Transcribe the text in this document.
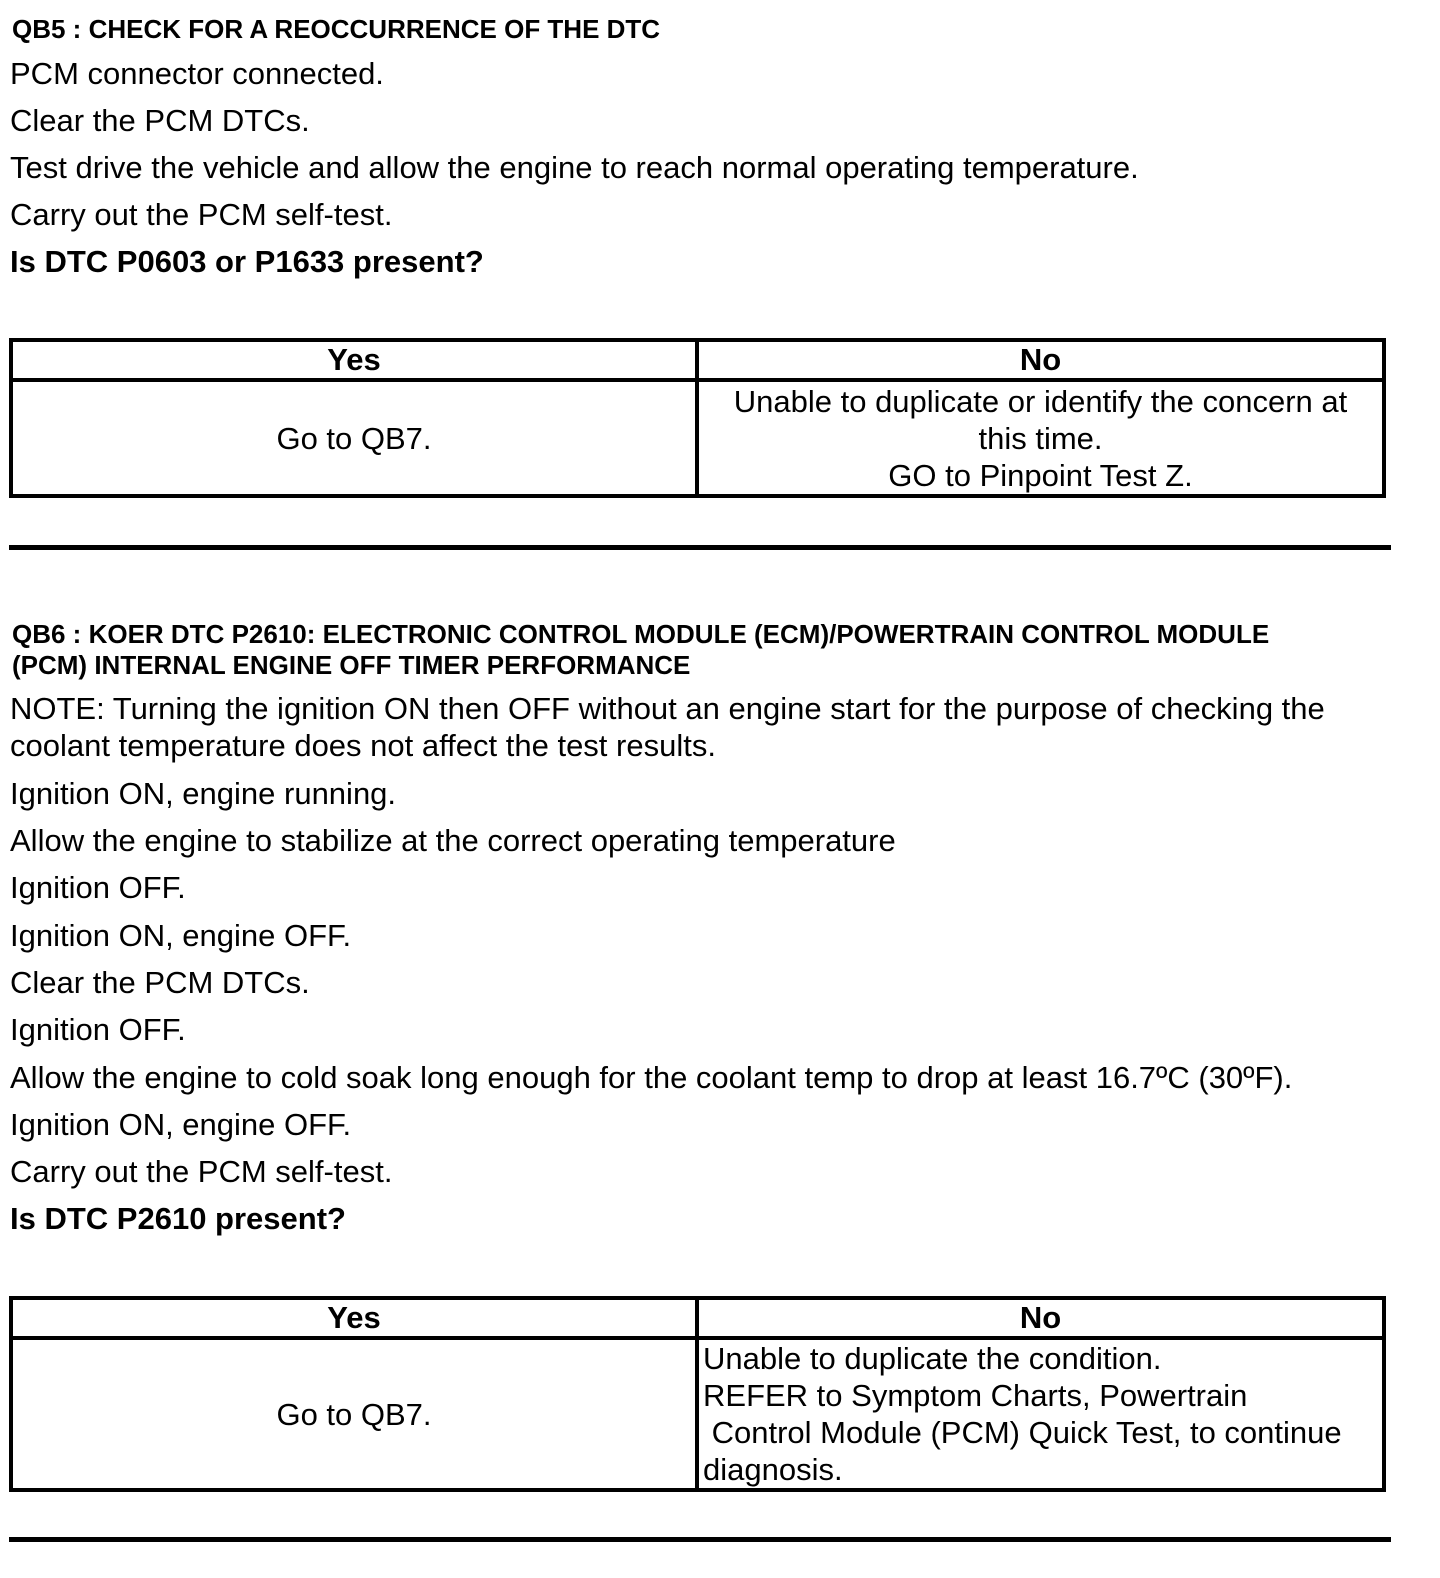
QB5 : CHECK FOR A REOCCURRENCE OF THE DTC
PCM connector connected.
Clear the PCM DTCs.
Test drive the vehicle and allow the engine to reach normal operating temperature.
Carry out the PCM self-test.
Is DTC P0603 or P1633 present?
Yes	No
Go to QB7.	Unable to duplicate or identify the concern at
this time.
GO to Pinpoint Test Z.
QB6 : KOER DTC P2610: ELECTRONIC CONTROL MODULE (ECM)/POWERTRAIN CONTROL MODULE
(PCM) INTERNAL ENGINE OFF TIMER PERFORMANCE

NOTE: Turning the ignition ON then OFF without an engine start for the purpose of checking the coolant temperature does not affect the test results.

Ignition ON, engine running.
Allow the engine to stabilize at the correct operating temperature
Ignition OFF.
Ignition ON, engine OFF.
Clear the PCM DTCs.
Ignition OFF.
Allow the engine to cold soak long enough for the coolant temp to drop at least 16.7ºC (30ºF).
Ignition ON, engine OFF.
Carry out the PCM self-test.
Is DTC P2610 present?
Yes	No
Go to QB7.	Unable to duplicate the condition.
REFER to Symptom Charts, Powertrain
Control Module (PCM) Quick Test, to continue
diagnosis.
